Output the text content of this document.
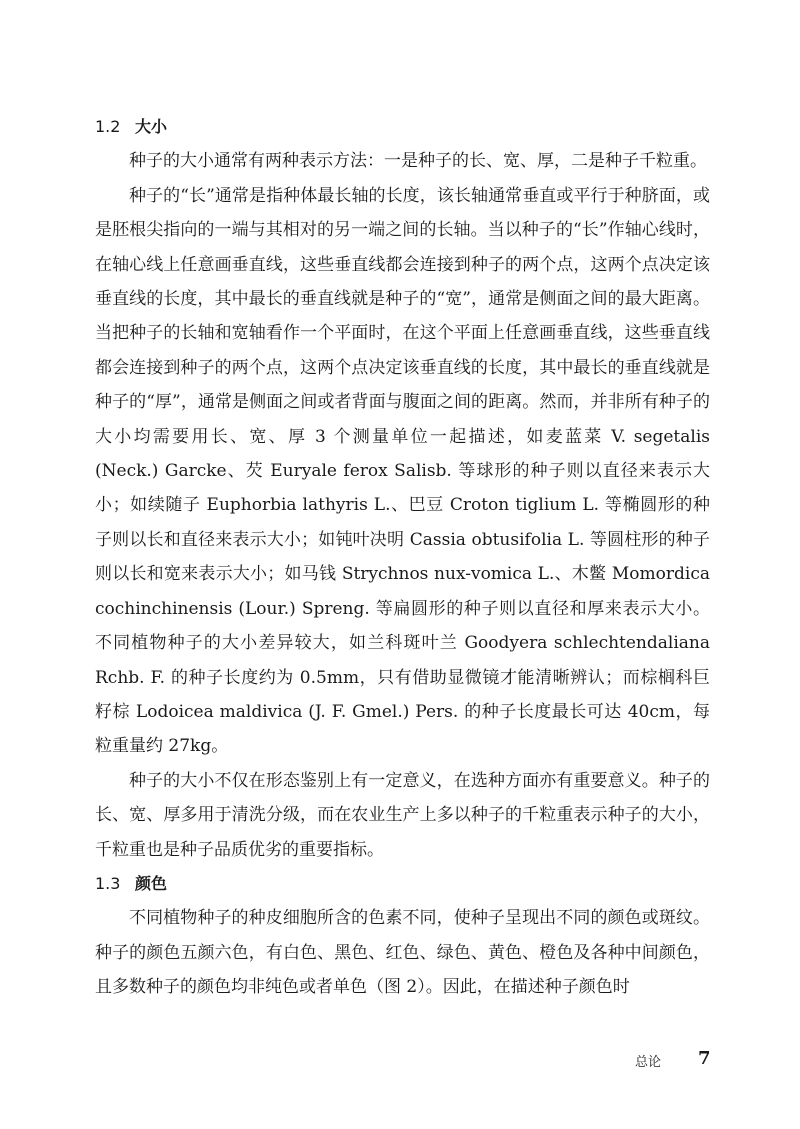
1.2 大小

种子的大小通常有两种表示方法：一是种子的长、宽、厚，二是种子千粒重。

种子的“长”通常是指种体最长轴的长度，该长轴通常垂直或平行于种脐面，或是胚根尖指向的一端与其相对的另一端之间的长轴。当以种子的“长”作轴心线时，在轴心线上任意画垂直线，这些垂直线都会连接到种子的两个点，这两个点决定该垂直线的长度，其中最长的垂直线就是种子的“宽”，通常是侧面之间的最大距离。当把种子的长轴和宽轴看作一个平面时，在这个平面上任意画垂直线，这些垂直线都会连接到种子的两个点，这两个点决定该垂直线的长度，其中最长的垂直线就是种子的“厚”，通常是侧面之间或者背面与腹面之间的距离。然而，并非所有种子的大小均需要用长、宽、厚 3 个测量单位一起描述，如麦蓝菜 V. segetalis (Neck.) Garcke、芡 Euryale ferox Salisb. 等球形的种子则以直径来表示大小；如续随子 Euphorbia lathyris L.、巴豆 Croton tiglium L. 等椭圆形的种子则以长和直径来表示大小；如钝叶决明 Cassia obtusifolia L. 等圆柱形的种子则以长和宽来表示大小；如马钱 Strychnos nux-vomica L.、木鳖 Momordica cochinchinensis (Lour.) Spreng. 等扁圆形的种子则以直径和厚来表示大小。不同植物种子的大小差异较大，如兰科斑叶兰 Goodyera schlechtendaliana Rchb. F. 的种子长度约为 0.5mm，只有借助显微镜才能清晰辨认；而棕榈科巨籽棕 Lodoicea maldivica (J. F. Gmel.) Pers. 的种子长度最长可达 40cm，每粒重量约 27kg。

种子的大小不仅在形态鉴别上有一定意义，在选种方面亦有重要意义。种子的长、宽、厚多用于清洗分级，而在农业生产上多以种子的千粒重表示种子的大小，千粒重也是种子品质优劣的重要指标。

1.3 颜色

不同植物种子的种皮细胞所含的色素不同，使种子呈现出不同的颜色或斑纹。种子的颜色五颜六色，有白色、黑色、红色、绿色、黄色、橙色及各种中间颜色，且多数种子的颜色均非纯色或者单色（图 2）。因此，在描述种子颜色时

总论 7
